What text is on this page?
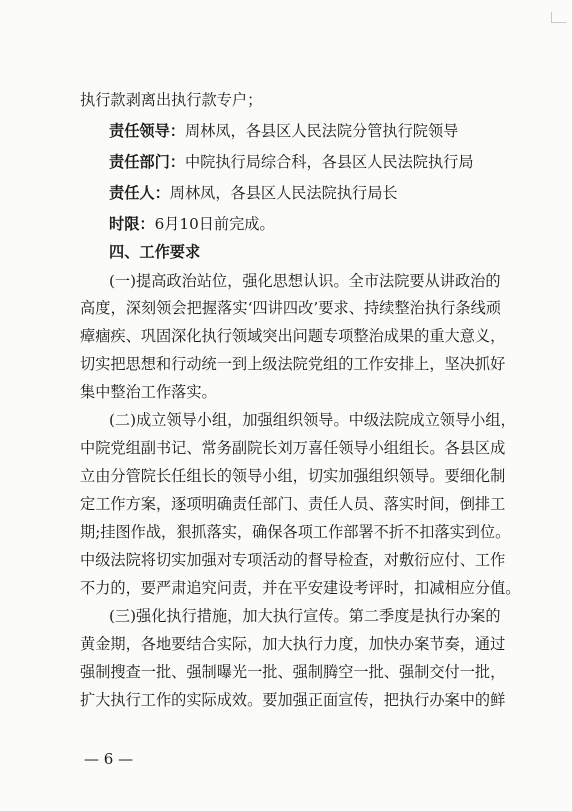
执行款剥离出执行款专户；
责任领导：周林凤，各县区人民法院分管执行院领导
责任部门：中院执行局综合科，各县区人民法院执行局
责任人：周林凤，各县区人民法院执行局长
时限：6月10日前完成。
四、工作要求
(一)提高政治站位，强化思想认识。全市法院要从讲政治的
高度，深刻领会把握落实‘四讲四改’要求、持续整治执行条线顽
瘴痼疾、巩固深化执行领域突出问题专项整治成果的重大意义，
切实把思想和行动统一到上级法院党组的工作安排上，坚决抓好
集中整治工作落实。
(二)成立领导小组，加强组织领导。中级法院成立领导小组，
中院党组副书记、常务副院长刘万喜任领导小组组长。各县区成
立由分管院长任组长的领导小组，切实加强组织领导。要细化制
定工作方案，逐项明确责任部门、责任人员、落实时间，倒排工
期;挂图作战，狠抓落实，确保各项工作部署不折不扣落实到位。
中级法院将切实加强对专项活动的督导检查，对敷衍应付、工作
不力的，要严肃追究问责，并在平安建设考评时，扣减相应分值。
(三)强化执行措施，加大执行宣传。第二季度是执行办案的
黄金期，各地要结合实际，加大执行力度，加快办案节奏，通过
强制搜查一批、强制曝光一批、强制腾空一批、强制交付一批，
扩大执行工作的实际成效。要加强正面宣传，把执行办案中的鲜
— 6 —
